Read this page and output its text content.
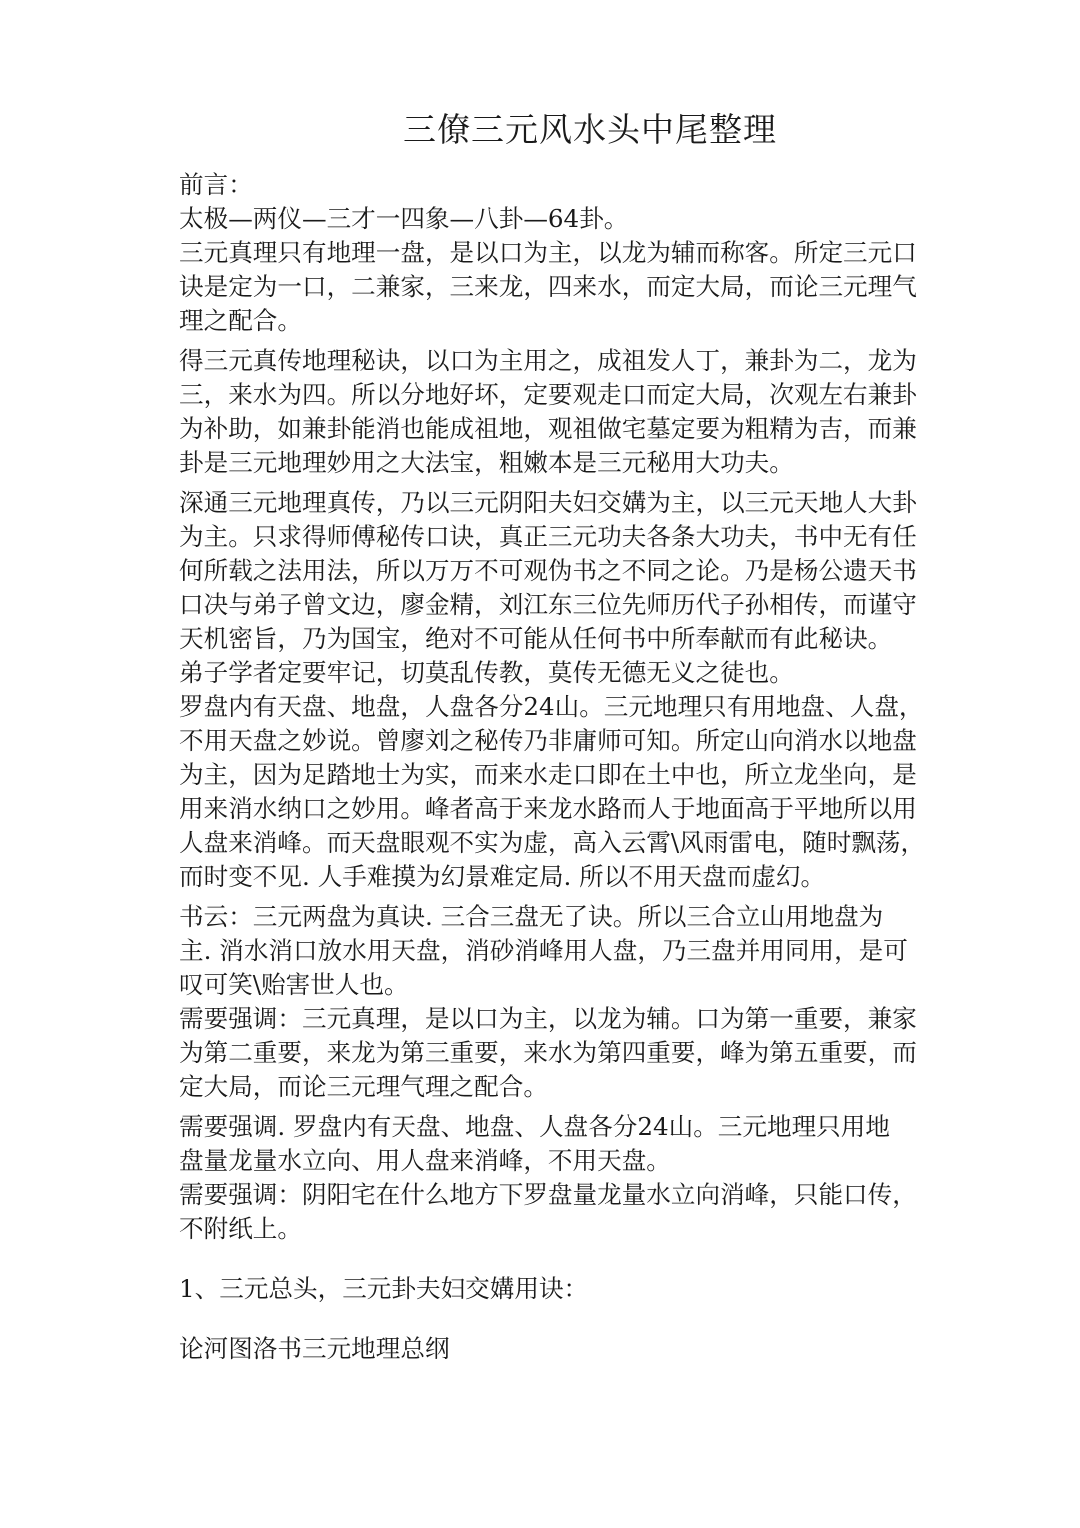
三僚三元风水头中尾整理
前言：
太极—两仪—三才一四象—八卦—64卦。
三元真理只有地理一盘，是以口为主，以龙为辅而称客。所定三元口
诀是定为一口，二兼家，三来龙，四来水，而定大局，而论三元理气
理之配合。
得三元真传地理秘诀，以口为主用之，成祖发人丁，兼卦为二，龙为
三，来水为四。所以分地好坏，定要观走口而定大局，次观左右兼卦
为补助，如兼卦能消也能成祖地，观祖做宅墓定要为粗精为吉，而兼
卦是三元地理妙用之大法宝，粗嫩本是三元秘用大功夫。
深通三元地理真传，乃以三元阴阳夫妇交媾为主，以三元天地人大卦
为主。只求得师傅秘传口诀，真正三元功夫各条大功夫，书中无有任
何所载之法用法，所以万万不可观伪书之不同之论。乃是杨公遗天书
口决与弟子曾文边，廖金精，刘江东三位先师历代子孙相传，而谨守
天机密旨，乃为国宝，绝对不可能从任何书中所奉献而有此秘诀。
弟子学者定要牢记，切莫乱传教，莫传无德无义之徒也。
罗盘内有天盘、地盘，人盘各分24山。三元地理只有用地盘、人盘，
不用天盘之妙说。曾廖刘之秘传乃非庸师可知。所定山向消水以地盘
为主，因为足踏地士为实，而来水走口即在土中也，所立龙坐向，是
用来消水纳口之妙用。峰者高于来龙水路而人于地面高于平地所以用
人盘来消峰。而天盘眼观不实为虚，高入云霄\风雨雷电，随时飘荡，
而时变不见. 人手难摸为幻景难定局. 所以不用天盘而虚幻。
书云：三元两盘为真诀. 三合三盘无了诀。所以三合立山用地盘为
主. 消水消口放水用天盘，消砂消峰用人盘，乃三盘并用同用，是可
叹可笑\贻害世人也。
需要强调：三元真理，是以口为主，以龙为辅。口为第一重要，兼家
为第二重要，来龙为第三重要，来水为第四重要，峰为第五重要，而
定大局，而论三元理气理之配合。
需要强调. 罗盘内有天盘、地盘、人盘各分24山。三元地理只用地
盘量龙量水立向、用人盘来消峰，不用天盘。
需要强调：阴阳宅在什么地方下罗盘量龙量水立向消峰，只能口传，
不附纸上。
1、三元总头，三元卦夫妇交媾用诀：
论河图洛书三元地理总纲
